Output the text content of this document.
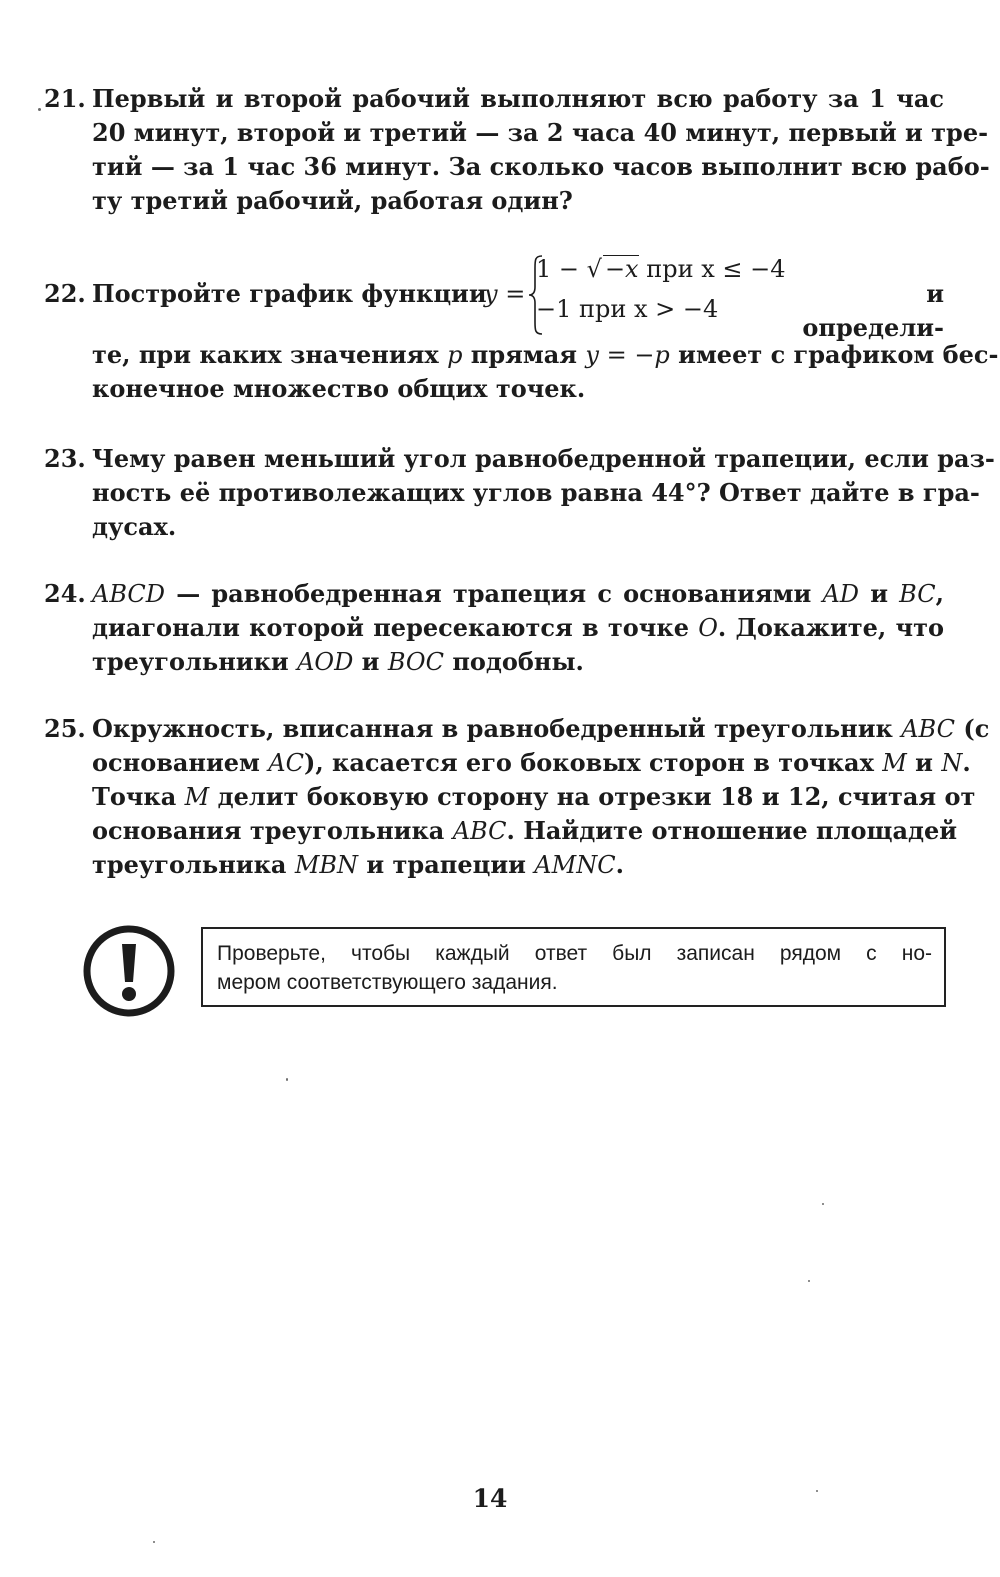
21. Первый и второй рабочий выполняют всю работу за 1 час
20 минут, второй и третий — за 2 часа 40 минут, первый и тре-
тий — за 1 час 36 минут. За сколько часов выполнит всю рабо-
ту третий рабочий, работая один?
22. Постройте график функции
y =
1 − √ −x при x ≤ −4
−1 при x > −4
и определи-
те, при каких значениях p прямая y = −p имеет с графиком бес-
конечное множество общих точек.
23. Чему равен меньший угол равнобедренной трапеции, если раз-
ность её противолежащих углов равна 44°? Ответ дайте в гра-
дусах.
24. ABCD — равнобедренная трапеция с основаниями AD и BC,
диагонали которой пересекаются в точке O. Докажите, что
треугольники AOD и BOC подобны.
25. Окружность, вписанная в равнобедренный треугольник ABC (с
основанием AC), касается его боковых сторон в точках M и N.
Точка M делит боковую сторону на отрезки 18 и 12, считая от
основания треугольника ABC. Найдите отношение площадей
треугольника MBN и трапеции AMNC.
Проверьте, чтобы каждый ответ был записан рядом с но-
мером соответствующего задания.
14
